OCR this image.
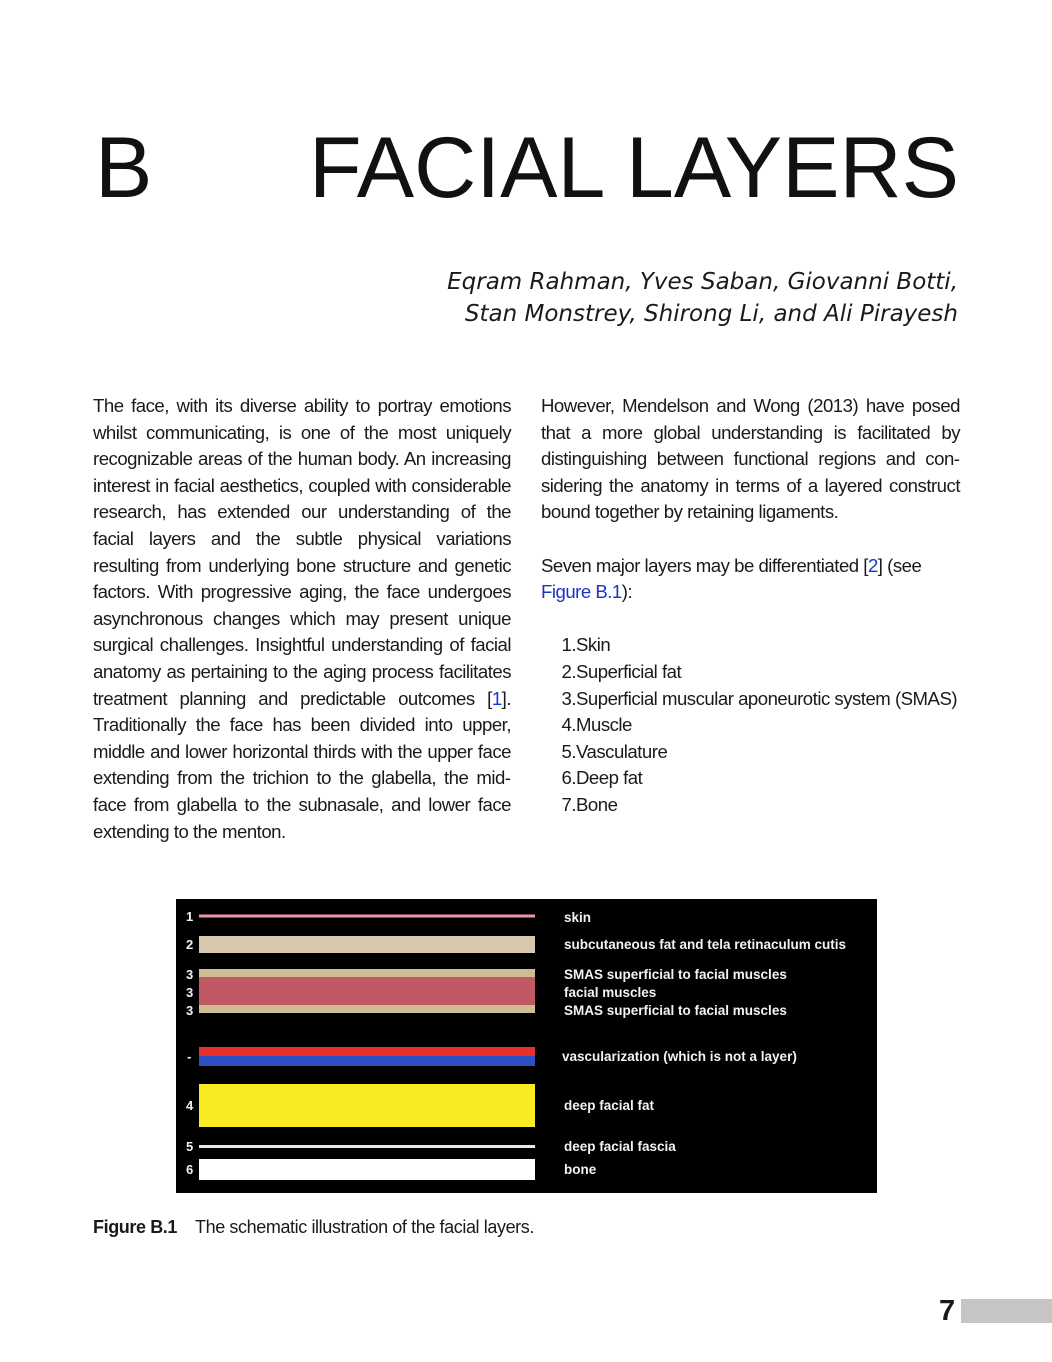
B FACIAL LAYERS
Eqram Rahman, Yves Saban, Giovanni Botti,
Stan Monstrey, Shirong Li, and Ali Pirayesh

The face, with its diverse ability to portray emotions whilst communicating, is one of the most uniquely recognizable areas of the human body. An increasing interest in facial aesthetics, coupled with considerable research, has extended our understanding of the facial layers and the subtle physical variations resulting from underlying bone structure and genetic factors. With progressive aging, the face undergoes asynchronous changes which may present unique surgical challenges. Insightful understanding of facial anatomy as pertaining to the aging process facilitates treatment planning and predictable outcomes [1]. Traditionally the face has been divided into upper, middle and lower horizontal thirds with the upper face extending from the trichion to the glabella, the midface from glabella to the subnasale, and lower face extending to the menton.

However, Mendelson and Wong (2013) have posed that a more global understanding is facilitated by distinguishing between functional regions and considering the anatomy in terms of a layered construct bound together by retaining ligaments.

Seven major layers may be differentiated [2] (see Figure B.1):

1. Skin
2. Superficial fat
3. Superficial muscular aponeurotic system (SMAS)
4. Muscle
5. Vasculature
6. Deep fat
7. Bone
1	skin
2	subcutaneous fat and tela retinaculum cutis
3	SMAS superficial to facial muscles
3	facial muscles
3	SMAS superficial to facial muscles
-	vascularization (which is not a layer)
4	deep facial fat
5	deep facial fascia
6	bone
Figure B.1 The schematic illustration of the facial layers.
7
